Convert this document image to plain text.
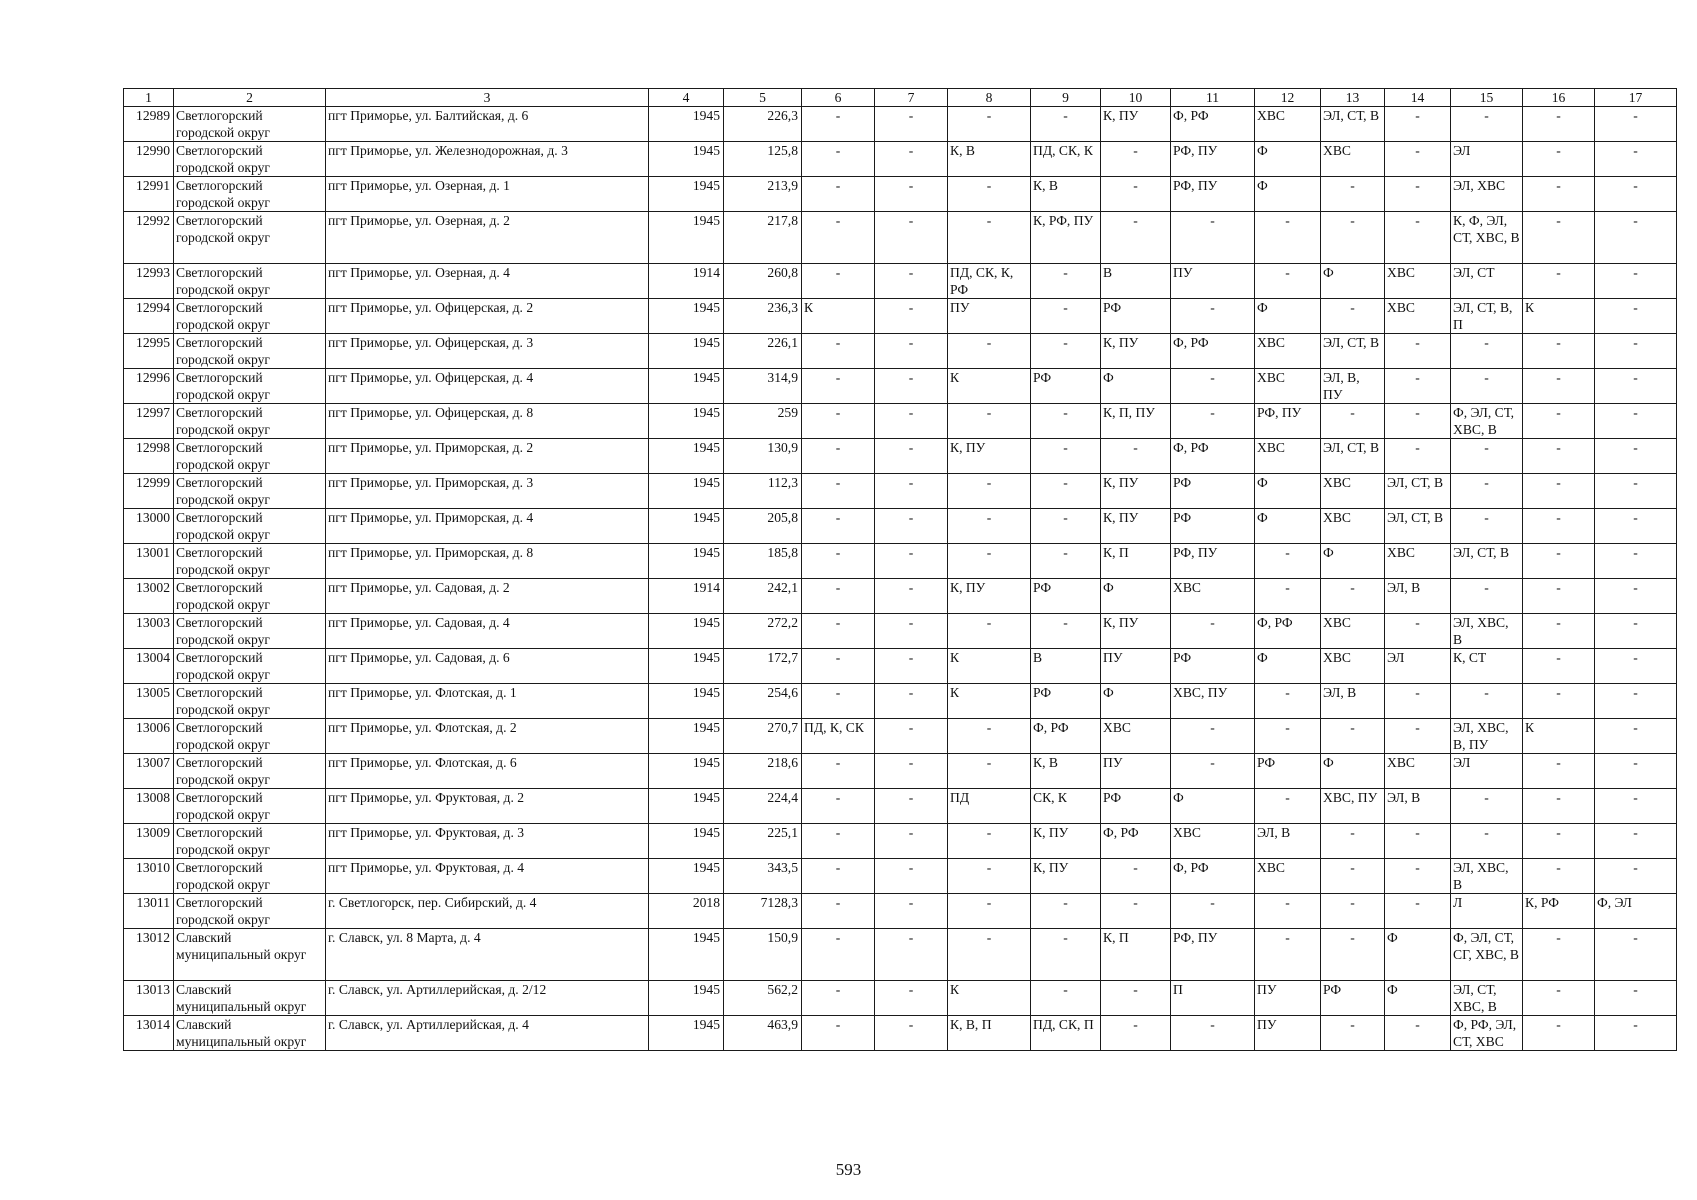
1	2	3	4	5	6	7	8	9	10	11	12	13	14	15	16	17
12989	Светлогорский городской округ	пгт Приморье, ул. Балтийская, д. 6	1945	226,3	-	-	-	-	К, ПУ	Ф, РФ	ХВС	ЭЛ, СТ, В	-	-	-	-
12990	Светлогорский городской округ	пгт Приморье, ул. Железнодорожная, д. 3	1945	125,8	-	-	К, В	ПД, СК, К	-	РФ, ПУ	Ф	ХВС	-	ЭЛ	-	-
12991	Светлогорский городской округ	пгт Приморье, ул. Озерная, д. 1	1945	213,9	-	-	-	К, В	-	РФ, ПУ	Ф	-	-	ЭЛ, ХВС	-	-
12992	Светлогорский городской округ	пгт Приморье, ул. Озерная, д. 2	1945	217,8	-	-	-	К, РФ, ПУ	-	-	-	-	-	К, Ф, ЭЛ, СТ, ХВС, В	-	-
12993	Светлогорский городской округ	пгт Приморье, ул. Озерная, д. 4	1914	260,8	-	-	ПД, СК, К, РФ	-	В	ПУ	-	Ф	ХВС	ЭЛ, СТ	-	-
12994	Светлогорский городской округ	пгт Приморье, ул. Офицерская, д. 2	1945	236,3	К	-	ПУ	-	РФ	-	Ф	-	ХВС	ЭЛ, СТ, В, П	К	-
12995	Светлогорский городской округ	пгт Приморье, ул. Офицерская, д. 3	1945	226,1	-	-	-	-	К, ПУ	Ф, РФ	ХВС	ЭЛ, СТ, В	-	-	-	-
12996	Светлогорский городской округ	пгт Приморье, ул. Офицерская, д. 4	1945	314,9	-	-	К	РФ	Ф	-	ХВС	ЭЛ, В, ПУ	-	-	-	-
12997	Светлогорский городской округ	пгт Приморье, ул. Офицерская, д. 8	1945	259	-	-	-	-	К, П, ПУ	-	РФ, ПУ	-	-	Ф, ЭЛ, СТ, ХВС, В	-	-
12998	Светлогорский городской округ	пгт Приморье, ул. Приморская, д. 2	1945	130,9	-	-	К, ПУ	-	-	Ф, РФ	ХВС	ЭЛ, СТ, В	-	-	-	-
12999	Светлогорский городской округ	пгт Приморье, ул. Приморская, д. 3	1945	112,3	-	-	-	-	К, ПУ	РФ	Ф	ХВС	ЭЛ, СТ, В	-	-	-
13000	Светлогорский городской округ	пгт Приморье, ул. Приморская, д. 4	1945	205,8	-	-	-	-	К, ПУ	РФ	Ф	ХВС	ЭЛ, СТ, В	-	-	-
13001	Светлогорский городской округ	пгт Приморье, ул. Приморская, д. 8	1945	185,8	-	-	-	-	К, П	РФ, ПУ	-	Ф	ХВС	ЭЛ, СТ, В	-	-
13002	Светлогорский городской округ	пгт Приморье, ул. Садовая, д. 2	1914	242,1	-	-	К, ПУ	РФ	Ф	ХВС	-	-	ЭЛ, В	-	-	-
13003	Светлогорский городской округ	пгт Приморье, ул. Садовая, д. 4	1945	272,2	-	-	-	-	К, ПУ	-	Ф, РФ	ХВС	-	ЭЛ, ХВС, В	-	-
13004	Светлогорский городской округ	пгт Приморье, ул. Садовая, д. 6	1945	172,7	-	-	К	В	ПУ	РФ	Ф	ХВС	ЭЛ	К, СТ	-	-
13005	Светлогорский городской округ	пгт Приморье, ул. Флотская, д. 1	1945	254,6	-	-	К	РФ	Ф	ХВС, ПУ	-	ЭЛ, В	-	-	-	-
13006	Светлогорский городской округ	пгт Приморье, ул. Флотская, д. 2	1945	270,7	ПД, К, СК	-	-	Ф, РФ	ХВС	-	-	-	-	ЭЛ, ХВС, В, ПУ	К	-
13007	Светлогорский городской округ	пгт Приморье, ул. Флотская, д. 6	1945	218,6	-	-	-	К, В	ПУ	-	РФ	Ф	ХВС	ЭЛ	-	-
13008	Светлогорский городской округ	пгт Приморье, ул. Фруктовая, д. 2	1945	224,4	-	-	ПД	СК, К	РФ	Ф	-	ХВС, ПУ	ЭЛ, В	-	-	-
13009	Светлогорский городской округ	пгт Приморье, ул. Фруктовая, д. 3	1945	225,1	-	-	-	К, ПУ	Ф, РФ	ХВС	ЭЛ, В	-	-	-	-	-
13010	Светлогорский городской округ	пгт Приморье, ул. Фруктовая, д. 4	1945	343,5	-	-	-	К, ПУ	-	Ф, РФ	ХВС	-	-	ЭЛ, ХВС, В	-	-
13011	Светлогорский городской округ	г. Светлогорск, пер. Сибирский, д. 4	2018	7128,3	-	-	-	-	-	-	-	-	-	Л	К, РФ	Ф, ЭЛ
13012	Славский муниципальный округ	г. Славск, ул. 8 Марта, д. 4	1945	150,9	-	-	-	-	К, П	РФ, ПУ	-	-	Ф	Ф, ЭЛ, СТ, СГ, ХВС, В	-	-
13013	Славский муниципальный округ	г. Славск, ул. Артиллерийская, д. 2/12	1945	562,2	-	-	К	-	-	П	ПУ	РФ	Ф	ЭЛ, СТ, ХВС, В	-	-
13014	Славский муниципальный округ	г. Славск, ул. Артиллерийская, д. 4	1945	463,9	-	-	К, В, П	ПД, СК, П	-	-	ПУ	-	-	Ф, РФ, ЭЛ, СТ, ХВС	-	-
593
